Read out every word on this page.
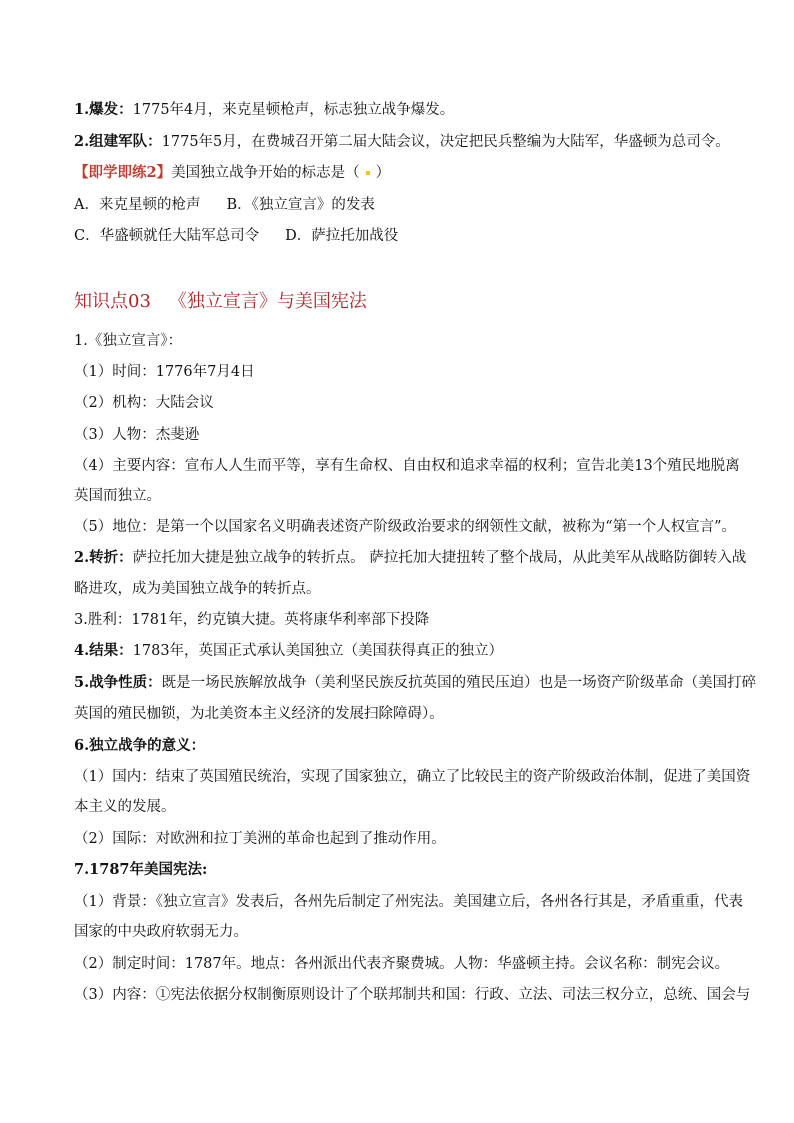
1.爆发：1775年4月，来克星顿枪声，标志独立战争爆发。
2.组建军队：1775年5月，在费城召开第二届大陆会议，决定把民兵整编为大陆军，华盛顿为总司令。
【即学即练2】美国独立战争开始的标志是（ ）
A．来克星顿的枪声 B．《独立宣言》的发表
C．华盛顿就任大陆军总司令 D．萨拉托加战役
知识点03 《独立宣言》与美国宪法
1.《独立宣言》：
（1）时间：1776年7月4日
（2）机构：大陆会议
（3）人物：杰斐逊
（4）主要内容：宣布人人生而平等，享有生命权、自由权和追求幸福的权利；宣告北美13个殖民地脱离
英国而独立。
（5）地位：是第一个以国家名义明确表述资产阶级政治要求的纲领性文献，被称为“第一个人权宣言”。
2.转折：萨拉托加大捷是独立战争的转折点。 萨拉托加大捷扭转了整个战局，从此美军从战略防御转入战
略进攻，成为美国独立战争的转折点。
3.胜利：1781年，约克镇大捷。英将康华利率部下投降
4.结果：1783年，英国正式承认美国独立（美国获得真正的独立）
5.战争性质：既是一场民族解放战争（美利坚民族反抗英国的殖民压迫）也是一场资产阶级革命（美国打碎
英国的殖民枷锁，为北美资本主义经济的发展扫除障碍）。
6.独立战争的意义：
（1）国内：结束了英国殖民统治，实现了国家独立，确立了比较民主的资产阶级政治体制，促进了美国资
本主义的发展。
（2）国际：对欧洲和拉丁美洲的革命也起到了推动作用。
7.1787年美国宪法:
（1）背景：《独立宣言》发表后，各州先后制定了州宪法。美国建立后，各州各行其是，矛盾重重，代表
国家的中央政府软弱无力。
（2）制定时间：1787年。地点：各州派出代表齐聚费城。人物：华盛顿主持。会议名称：制宪会议。
（3）内容：①宪法依据分权制衡原则设计了个联邦制共和国：行政、立法、司法三权分立，总统、国会与
